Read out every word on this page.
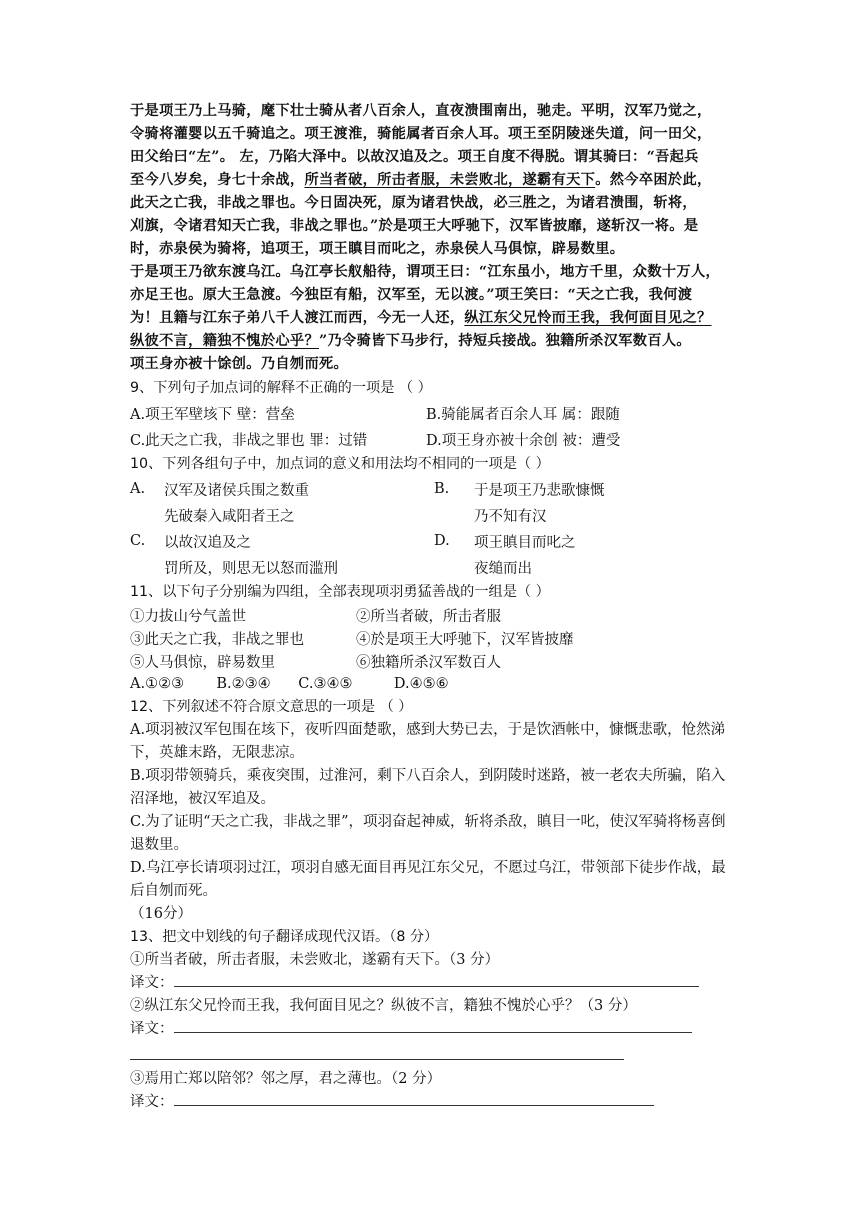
于是项王乃上马骑，麾下壮士骑从者八百余人，直夜溃围南出，驰走。平明，汉军乃觉之，
令骑将灌婴以五千骑追之。项王渡淮，骑能属者百余人耳。项王至阴陵迷失道，问一田父，
田父绐曰“左”。 左，乃陷大泽中。以故汉追及之。项王自度不得脱。谓其骑曰：“吾起兵
至今八岁矣，身七十余战，所当者破，所击者服，未尝败北，遂霸有天下。然今卒困於此，
此天之亡我，非战之罪也。今日固决死，原为诸君快战，必三胜之，为诸君溃围，斩将，
刈旗，令诸君知天亡我，非战之罪也。”於是项王大呼驰下，汉军皆披靡，遂斩汉一将。是
时，赤泉侯为骑将，追项王，项王瞋目而叱之，赤泉侯人马俱惊，辟易数里。
于是项王乃欲东渡乌江。乌江亭长舣船待，谓项王曰：“江东虽小，地方千里，众数十万人，
亦足王也。原大王急渡。今独臣有船，汉军至，无以渡。”项王笑曰：“天之亡我，我何渡
为！且籍与江东子弟八千人渡江而西，今无一人还，纵江东父兄怜而王我，我何面目见之？
纵彼不言，籍独不愧於心乎？”乃令骑皆下马步行，持短兵接战。独籍所杀汉军数百人。
项王身亦被十馀创。乃自刎而死。
9、下列句子加点词的解释不正确的一项是 （ ）
A.项王军壁垓下 壁：营垒	B.骑能属者百余人耳 属：跟随
C.此天之亡我，非战之罪也 罪：过错	D.项王身亦被十余创 被：遭受
10、下列各组句子中，加点词的意义和用法均不相同的一项是（ ）
A.	汉军及诸侯兵围之数重	B.	于是项王乃悲歌慷慨
先破秦入咸阳者王之	乃不知有汉
C.	以故汉追及之	D.	项王瞋目而叱之
罚所及，则思无以怒而滥刑	夜缒而出
11、以下句子分别编为四组，全部表现项羽勇猛善战的一组是（ ）
①力拔山兮气盖世	②所当者破，所击者服
③此天之亡我，非战之罪也	④於是项王大呼驰下，汉军皆披靡
⑤人马俱惊，辟易数里	⑥独籍所杀汉军数百人
A.①②③       B.②③④      C.③④⑤         D.④⑤⑥
12、下列叙述不符合原文意思的一项是 （ ）
A.项羽被汉军包围在垓下，夜听四面楚歌，感到大势已去，于是饮酒帐中，慷慨悲歌，怆然涕下，英雄末路，无限悲凉。
B.项羽带领骑兵，乘夜突围，过淮河，剩下八百余人，到阴陵时迷路，被一老农夫所骗，陷入沼泽地，被汉军追及。
C.为了证明“天之亡我，非战之罪”，项羽奋起神威，斩将杀敌，瞋目一叱，使汉军骑将杨喜倒退数里。
D.乌江亭长请项羽过江，项羽自感无面目再见江东父兄，不愿过乌江，带领部下徒步作战，最后自刎而死。
（16分）
13、把文中划线的句子翻译成现代汉语。（8 分）
①所当者破，所击者服，未尝败北，遂霸有天下。（3 分）
译文：
②纵江东父兄怜而王我，我何面目见之？纵彼不言，籍独不愧於心乎？（3 分）
译文：
③焉用亡郑以陪邻？邻之厚，君之薄也。（2 分）
译文：
